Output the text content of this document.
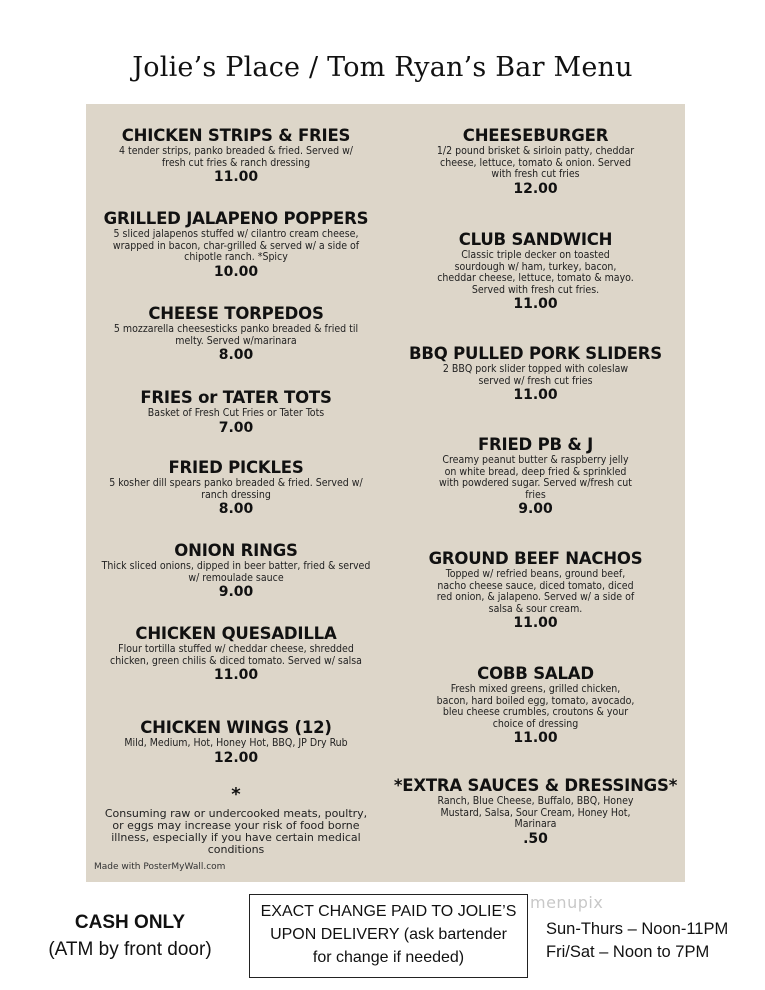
Jolie’s Place / Tom Ryan’s Bar Menu
CHICKEN STRIPS & FRIES
4 tender strips, panko breaded & fried. Served w/ fresh cut fries & ranch dressing
11.00
GRILLED JALAPENO POPPERS
5 sliced jalapenos stuffed w/ cilantro cream cheese, wrapped in bacon, char-grilled & served w/ a side of chipotle ranch. *Spicy
10.00
CHEESE TORPEDOS
5 mozzarella cheesesticks panko breaded & fried til melty. Served w/marinara
8.00
FRIES or TATER TOTS
Basket of Fresh Cut Fries or Tater Tots
7.00
FRIED PICKLES
5 kosher dill spears panko breaded & fried. Served w/ ranch dressing
8.00
ONION RINGS
Thick sliced onions, dipped in beer batter, fried & served w/ remoulade sauce
9.00
CHICKEN QUESADILLA
Flour tortilla stuffed w/ cheddar cheese, shredded chicken, green chilis & diced tomato. Served w/ salsa
11.00
CHICKEN WINGS (12)
Mild, Medium, Hot, Honey Hot, BBQ, JP Dry Rub
12.00
*
Consuming raw or undercooked meats, poultry, or eggs may increase your risk of food borne illness, especially if you have certain medical conditions
Made with PosterMyWall.com
CHEESEBURGER
1/2 pound brisket & sirloin patty, cheddar cheese, lettuce, tomato & onion. Served with fresh cut fries
12.00
CLUB SANDWICH
Classic triple decker on toasted sourdough w/ ham, turkey, bacon, cheddar cheese, lettuce, tomato & mayo. Served with fresh cut fries.
11.00
BBQ PULLED PORK SLIDERS
2 BBQ pork slider topped with coleslaw served w/ fresh cut fries
11.00
FRIED PB & J
Creamy peanut butter & raspberry jelly on white bread, deep fried & sprinkled with powdered sugar. Served w/fresh cut fries
9.00
GROUND BEEF NACHOS
Topped w/ refried beans, ground beef, nacho cheese sauce, diced tomato, diced red onion, & jalapeno. Served w/ a side of salsa & sour cream.
11.00
COBB SALAD
Fresh mixed greens, grilled chicken, bacon, hard boiled egg, tomato, avocado, bleu cheese crumbles, croutons & your choice of dressing
11.00
*EXTRA SAUCES & DRESSINGS*
Ranch, Blue Cheese, Buffalo, BBQ, Honey Mustard, Salsa, Sour Cream, Honey Hot, Marinara
.50
CASH ONLY
(ATM by front door)
EXACT CHANGE PAID TO JOLIE’S
UPON DELIVERY (ask bartender
for change if needed)
menupix
Sun-Thurs – Noon-11PM
Fri/Sat – Noon to 7PM
